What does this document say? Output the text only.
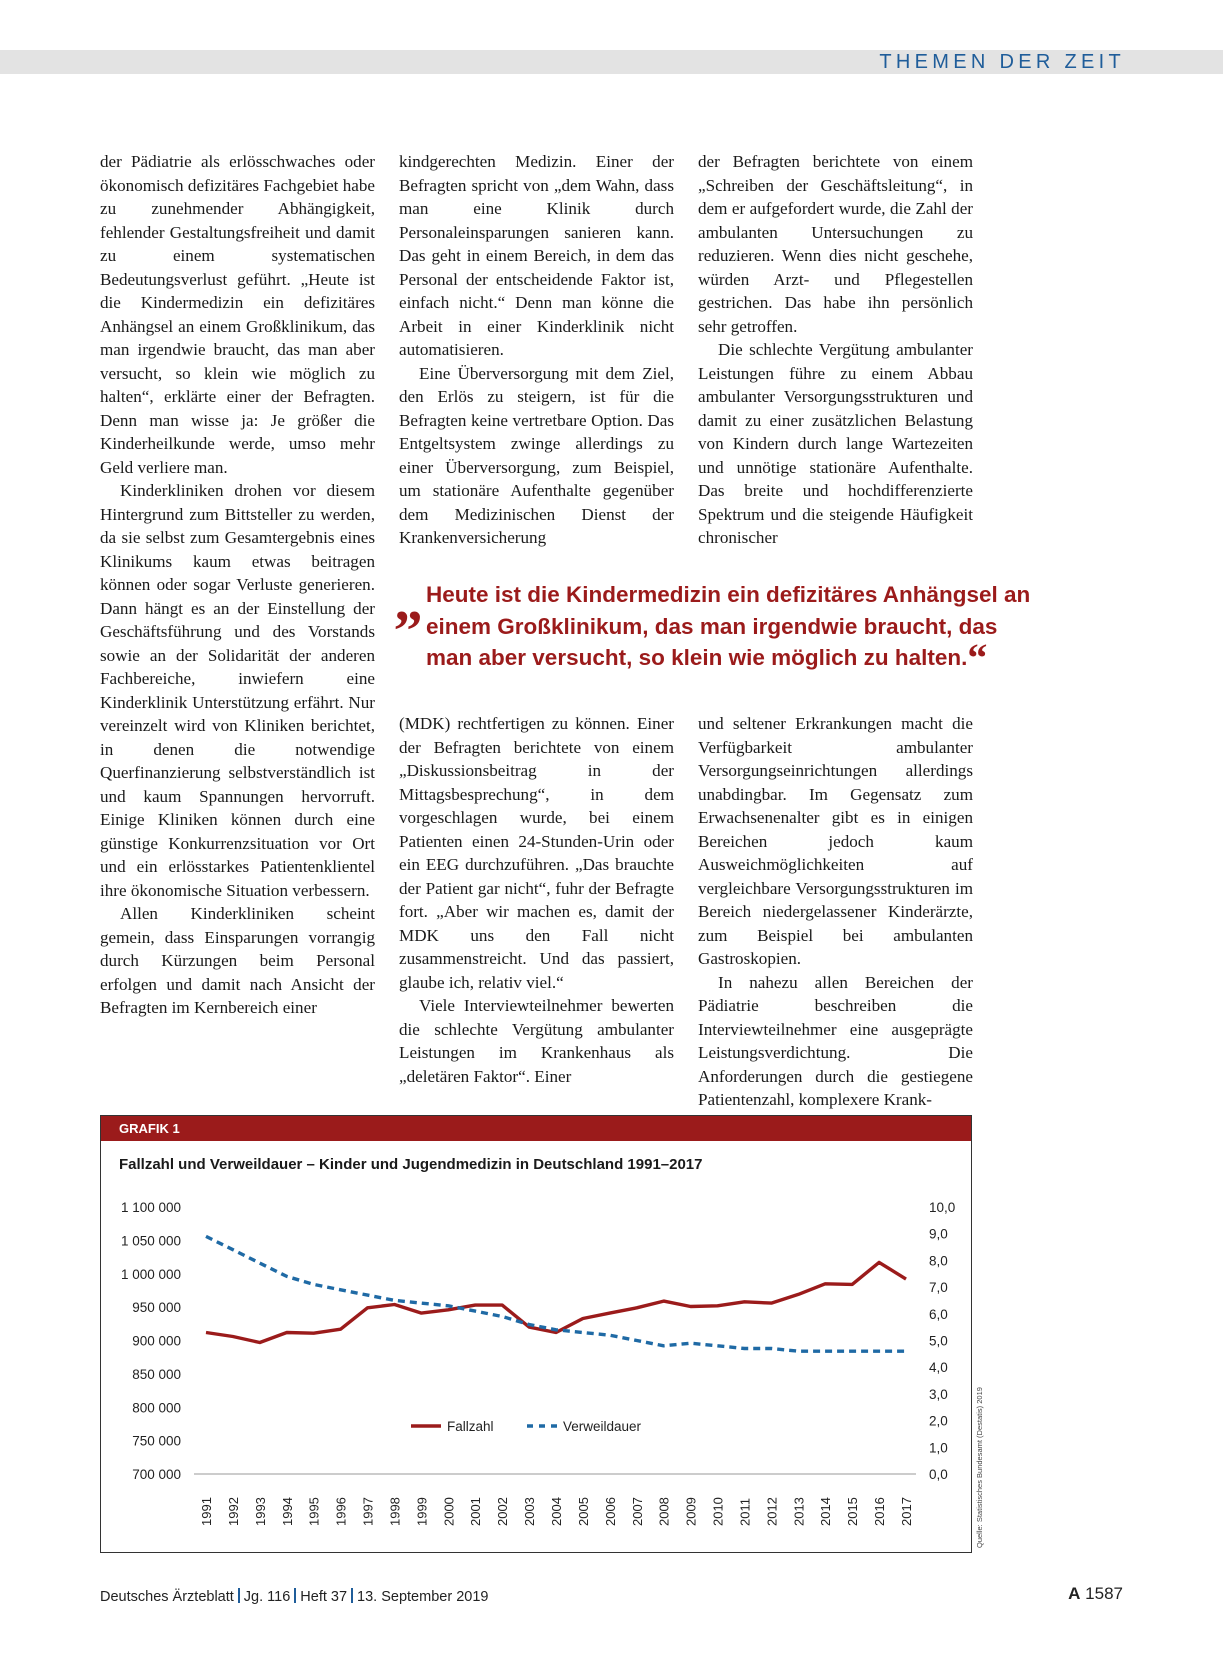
THEMEN DER ZEIT

der Pädiatrie als erlösschwaches oder ökonomisch defizitäres Fachgebiet habe zu zunehmender Abhängigkeit, fehlender Gestaltungsfreiheit und damit zu einem systematischen Bedeutungsverlust geführt. „Heute ist die Kindermedizin ein defizitäres Anhängsel an einem Großklinikum, das man irgendwie braucht, das man aber versucht, so klein wie möglich zu halten“, erklärte einer der Befragten. Denn man wisse ja: Je größer die Kinderheilkunde werde, umso mehr Geld verliere man.

Kinderkliniken drohen vor diesem Hintergrund zum Bittsteller zu werden, da sie selbst zum Gesamtergebnis eines Klinikums kaum etwas beitragen können oder sogar Verluste generieren. Dann hängt es an der Einstellung der Geschäftsführung und des Vorstands sowie an der Solidarität der anderen Fachbereiche, inwiefern eine Kinderklinik Unterstützung erfährt. Nur vereinzelt wird von Kliniken berichtet, in denen die notwendige Querfinanzierung selbstverständlich ist und kaum Spannungen hervorruft. Einige Kliniken können durch eine günstige Konkurrenzsituation vor Ort und ein erlösstarkes Patientenklientel ihre ökonomische Situation verbessern.

Allen Kinderkliniken scheint gemein, dass Einsparungen vorrangig durch Kürzungen beim Personal erfolgen und damit nach Ansicht der Befragten im Kernbereich einer

kindgerechten Medizin. Einer der Befragten spricht von „dem Wahn, dass man eine Klinik durch Personaleinsparungen sanieren kann. Das geht in einem Bereich, in dem das Personal der entscheidende Faktor ist, einfach nicht.“ Denn man könne die Arbeit in einer Kinderklinik nicht automatisieren.

Eine Überversorgung mit dem Ziel, den Erlös zu steigern, ist für die Befragten keine vertretbare Option. Das Entgeltsystem zwinge allerdings zu einer Überversorgung, zum Beispiel, um stationäre Aufenthalte gegenüber dem Medizinischen Dienst der Krankenversicherung

der Befragten berichtete von einem „Schreiben der Geschäftsleitung“, in dem er aufgefordert wurde, die Zahl der ambulanten Untersuchungen zu reduzieren. Wenn dies nicht geschehe, würden Arzt- und Pflegestellen gestrichen. Das habe ihn persönlich sehr getroffen.

Die schlechte Vergütung ambulanter Leistungen führe zu einem Abbau ambulanter Versorgungsstrukturen und damit zu einer zusätzlichen Belastung von Kindern durch lange Wartezeiten und unnötige stationäre Aufenthalte. Das breite und hochdifferenzierte Spektrum und die steigende Häufigkeit chronischer

„ Heute ist die Kindermedizin ein defizitäres Anhängsel an einem Großklinikum, das man irgendwie braucht, das man aber versucht, so klein wie möglich zu halten.“

(MDK) rechtfertigen zu können. Einer der Befragten berichtete von einem „Diskussionsbeitrag in der Mittagsbesprechung“, in dem vorgeschlagen wurde, bei einem Patienten einen 24-Stunden-Urin oder ein EEG durchzuführen. „Das brauchte der Patient gar nicht“, fuhr der Befragte fort. „Aber wir machen es, damit der MDK uns den Fall nicht zusammenstreicht. Und das passiert, glaube ich, relativ viel.“

Viele Interviewteilnehmer bewerten die schlechte Vergütung ambulanter Leistungen im Krankenhaus als „deletären Faktor“. Einer

und seltener Erkrankungen macht die Verfügbarkeit ambulanter Versorgungseinrichtungen allerdings unabdingbar. Im Gegensatz zum Erwachsenenalter gibt es in einigen Bereichen jedoch kaum Ausweichmöglichkeiten auf vergleichbare Versorgungsstrukturen im Bereich niedergelassener Kinderärzte, zum Beispiel bei ambulanten Gastroskopien.

In nahezu allen Bereichen der Pädiatrie beschreiben die Interviewteilnehmer eine ausgeprägte Leistungsverdichtung. Die Anforderungen durch die gestiegene Patientenzahl, komplexere Krank-

GRAFIK 1
Fallzahl und Verweildauer – Kinder und Jugendmedizin in Deutschland 1991–2017
1 100 000
1 050 000
1 000 000
950 000
900 000
850 000
800 000
750 000
700 000
10,0
9,0
8,0
7,0
6,0
5,0
4,0
3,0
2,0
1,0
0,0
1991 1992 1993 1994 1995 1996 1997 1998 1999 2000 2001 2002 2003 2004 2005 2006 2007 2008 2009 2010 2011 2012 2013 2014 2015 2016 2017
Fallzahl	Verweildauer	Quelle: Statistisches Bundesamt (Destatis) 2019
Deutsches Ärzteblatt Jg. 116 Heft 37 13. September 2019	A 1587
